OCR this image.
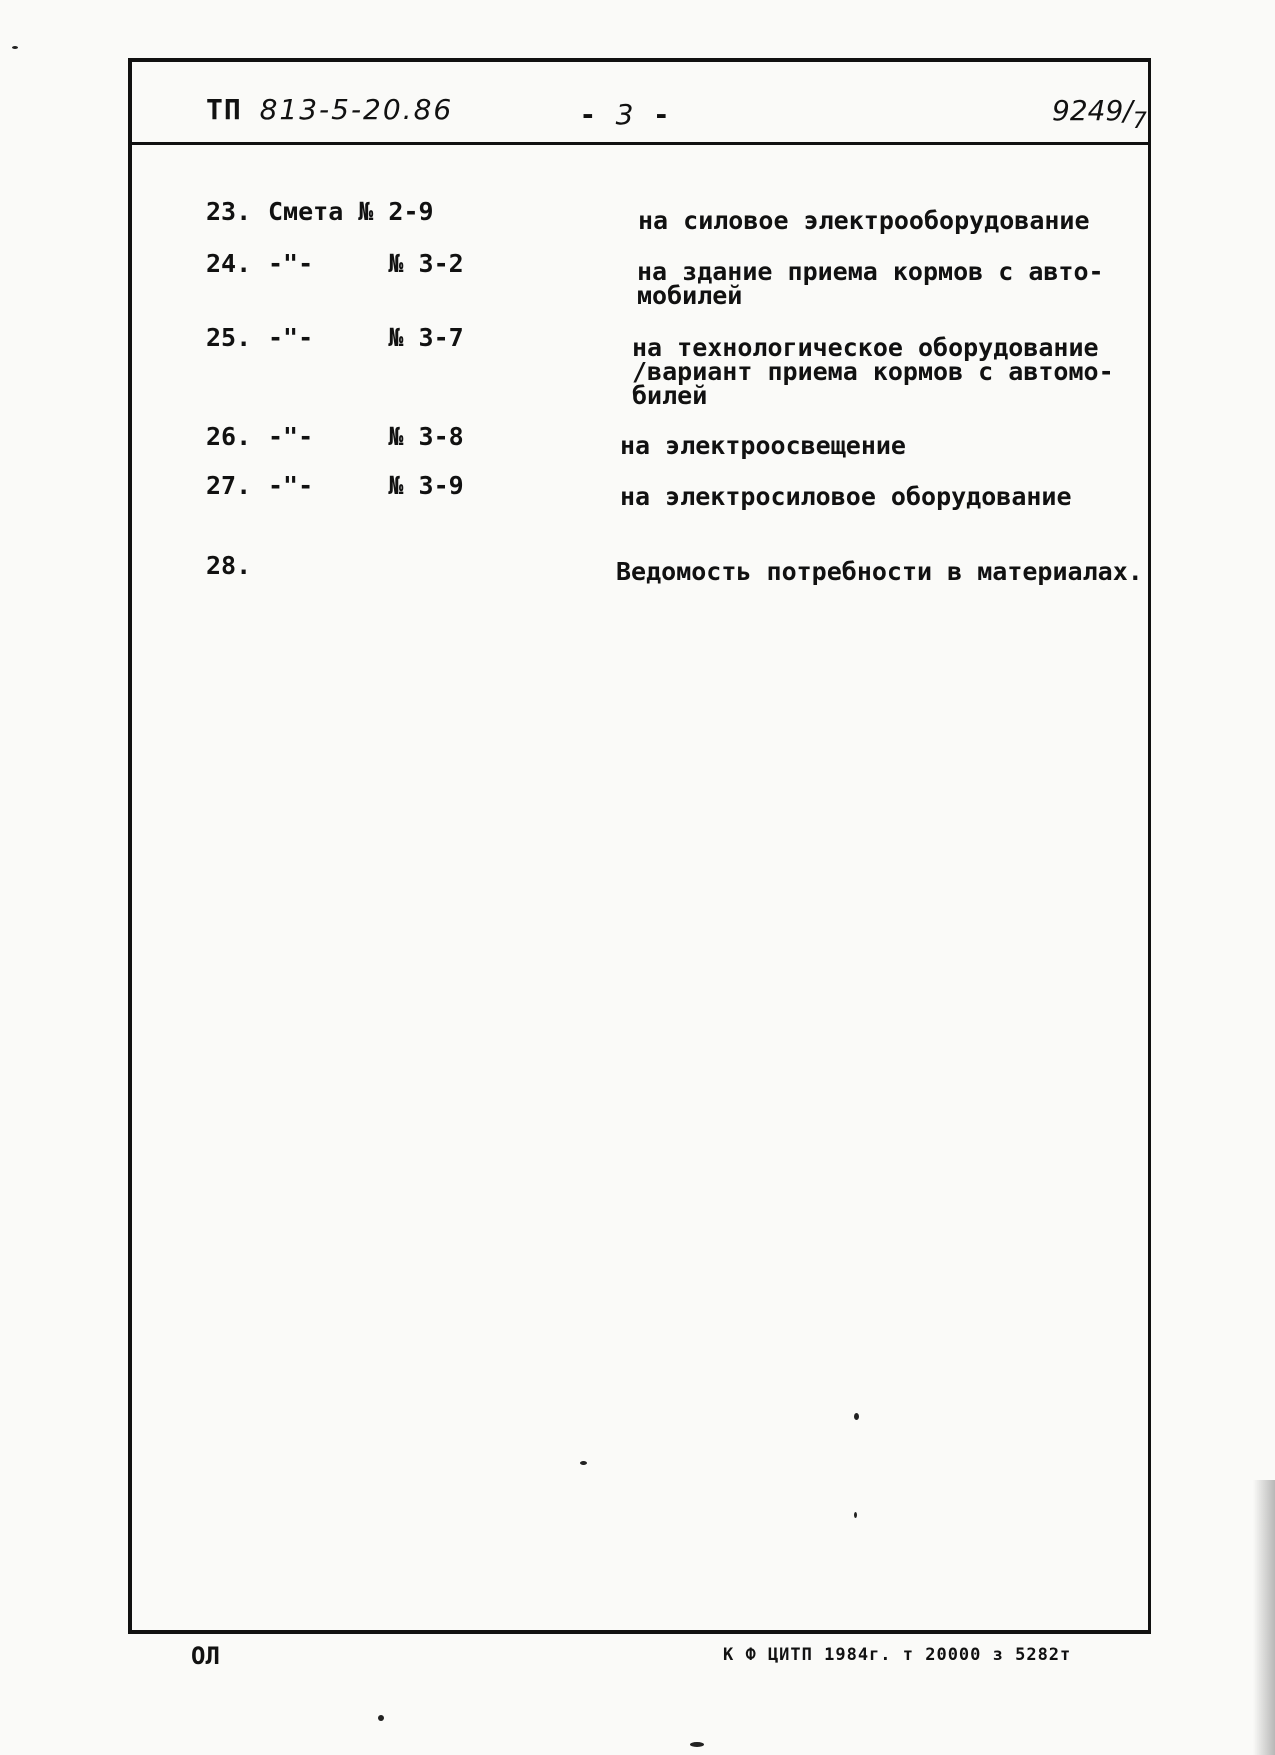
ТП 813-5-20.86	- 3 -	$9249/_7$
23. Смета № 2-9	на силовое электрооборудование
24. -"-     № 3-2	на здание приема кормов с авто-
мобилей
25. -"-     № 3-7	на технологическое оборудование
/вариант приема кормов с автомо-
билей
26. -"-     № 3-8	на электроосвещение
27. -"-     № 3-9	на электросиловое оборудование
28.	Ведомость потребности в материалах.
ОЛ	К Ф ЦИТП 1984г. т 20000 з 5282т
